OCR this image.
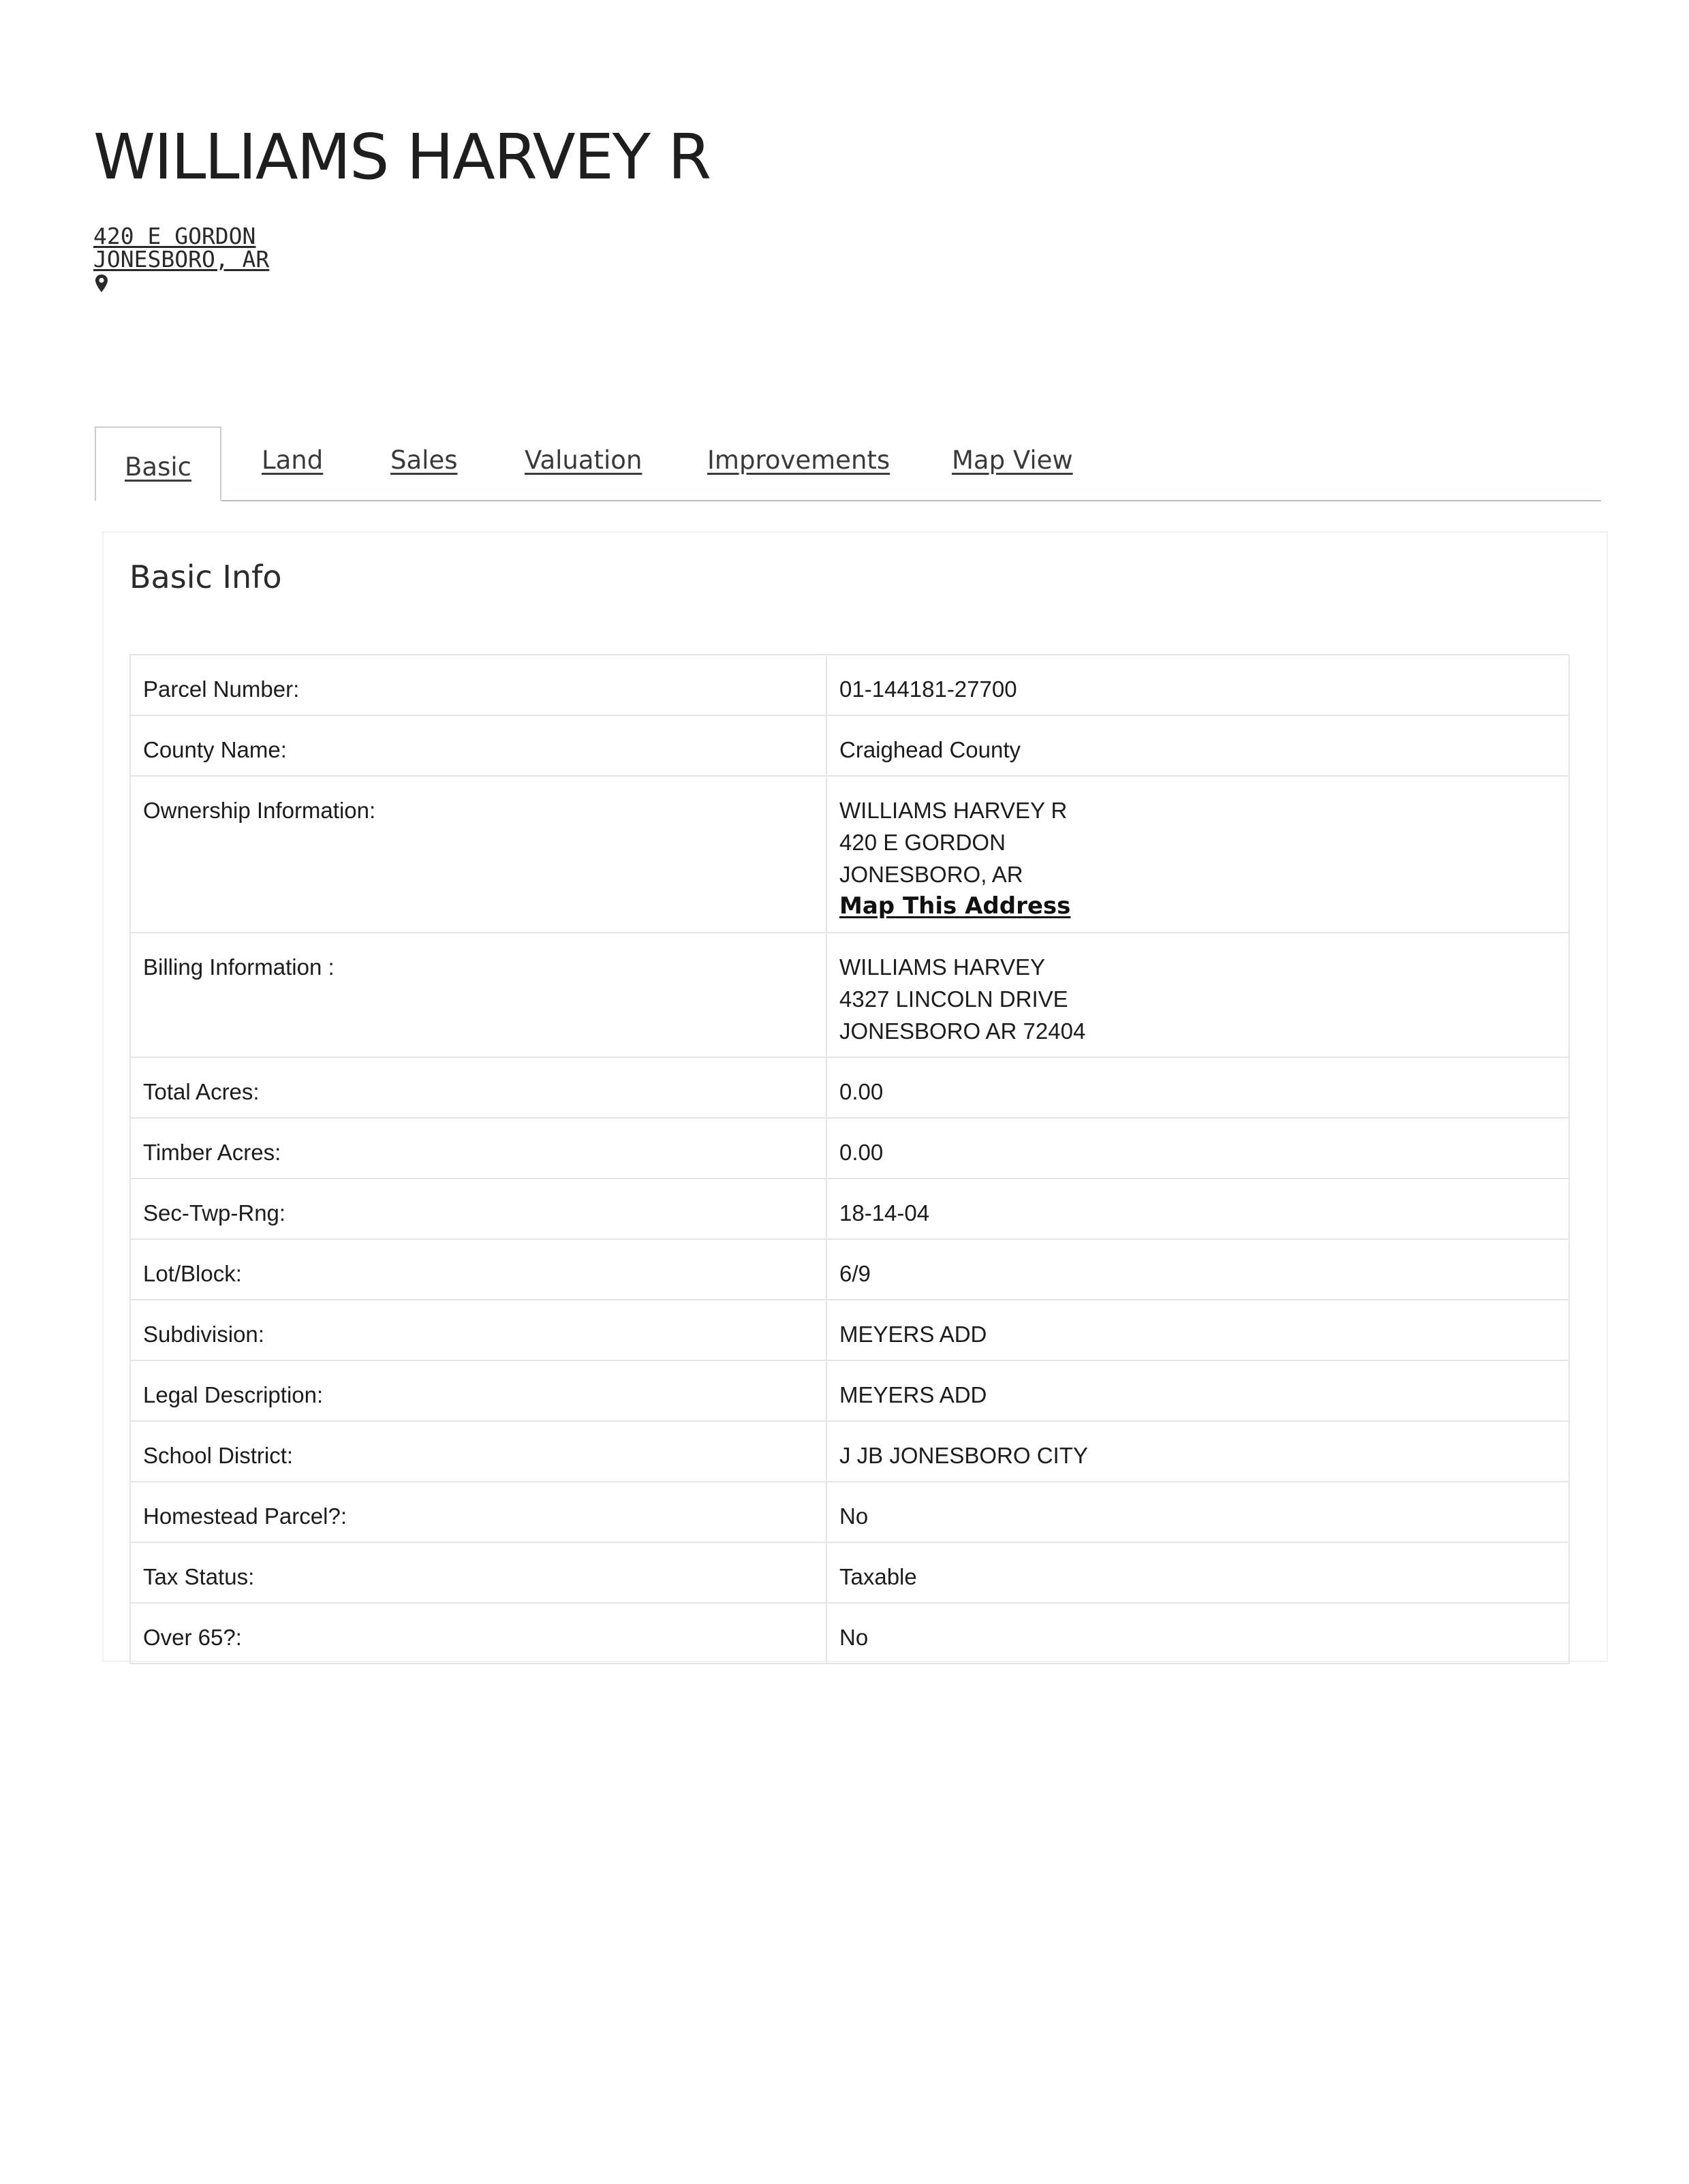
WILLIAMS HARVEY R
420 E GORDON
JONESBORO, AR
Basic	Land	Sales	Valuation	Improvements Map View
Basic Info
Parcel Number:	01-144181-27700
County Name:	Craighead County
Ownership Information:	WILLIAMS HARVEY R
420 E GORDON
JONESBORO, AR
Map This Address

Billing Information :	WILLIAMS HARVEY
4327 LINCOLN DRIVE
JONESBORO AR 72404

Total Acres:	0.00
Timber Acres:	0.00
Sec-Twp-Rng:	18-14-04
Lot/Block:	6/9
Subdivision:	MEYERS ADD
Legal Description:	MEYERS ADD
School District:	J JB JONESBORO CITY
Homestead Parcel?:	No
Tax Status:	Taxable
Over 65?:	No
